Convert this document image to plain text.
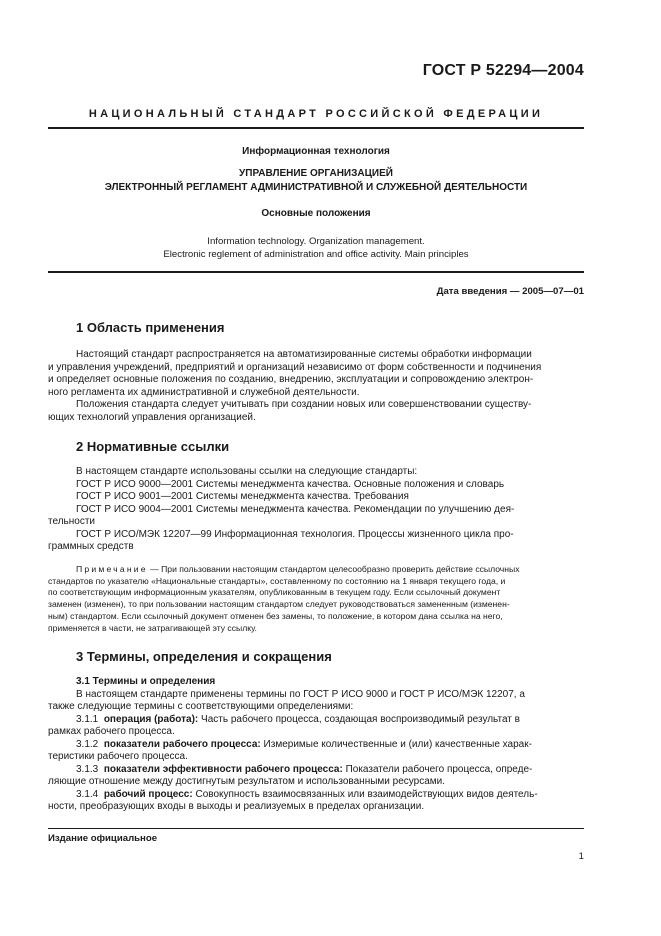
ГОСТ Р 52294—2004
НАЦИОНАЛЬНЫЙ СТАНДАРТ РОССИЙСКОЙ ФЕДЕРАЦИИ
Информационная технология
УПРАВЛЕНИЕ ОРГАНИЗАЦИЕЙ
ЭЛЕКТРОННЫЙ РЕГЛАМЕНТ АДМИНИСТРАТИВНОЙ И СЛУЖЕБНОЙ ДЕЯТЕЛЬНОСТИ
Основные положения
Information technology. Organization management.
Electronic reglement of administration and office activity. Main principles
Дата введения — 2005—07—01
1 Область применения
Настоящий стандарт распространяется на автоматизированные системы обработки информации
и управления учреждений, предприятий и организаций независимо от форм собственности и подчинения
и определяет основные положения по созданию, внедрению, эксплуатации и сопровождению электрон-
ного регламента их административной и служебной деятельности.
Положения стандарта следует учитывать при создании новых или совершенствовании существу-
ющих технологий управления организацией.
2 Нормативные ссылки
В настоящем стандарте использованы ссылки на следующие стандарты:
ГОСТ Р ИСО 9000—2001 Системы менеджмента качества. Основные положения и словарь
ГОСТ Р ИСО 9001—2001 Системы менеджмента качества. Требования
ГОСТ Р ИСО 9004—2001 Системы менеджмента качества. Рекомендации по улучшению дея-
тельности
ГОСТ Р ИСО/МЭК 12207—99 Информационная технология. Процессы жизненного цикла про-
граммных средств
Примечание — При пользовании настоящим стандартом целесообразно проверить действие ссылочных
стандартов по указателю «Национальные стандарты», составленному по состоянию на 1 января текущего года, и
по соответствующим информационным указателям, опубликованным в текущем году. Если ссылочный документ
заменен (изменен), то при пользовании настоящим стандартом следует руководствоваться замененным (изменен-
ным) стандартом. Если ссылочный документ отменен без замены, то положение, в котором дана ссылка на него,
применяется в части, не затрагивающей эту ссылку.
3 Термины, определения и сокращения
3.1 Термины и определения
В настоящем стандарте применены термины по ГОСТ Р ИСО 9000 и ГОСТ Р ИСО/МЭК 12207, а
также следующие термины с соответствующими определениями:
3.1.1 операция (работа): Часть рабочего процесса, создающая воспроизводимый результат в
рамках рабочего процесса.
3.1.2 показатели рабочего процесса: Измеримые количественные и (или) качественные харак-
теристики рабочего процесса.
3.1.3 показатели эффективности рабочего процесса: Показатели рабочего процесса, опреде-
ляющие отношение между достигнутым результатом и использованными ресурсами.
3.1.4 рабочий процесс: Совокупность взаимосвязанных или взаимодействующих видов деятель-
ности, преобразующих входы в выходы и реализуемых в пределах организации.
Издание официальное
1
